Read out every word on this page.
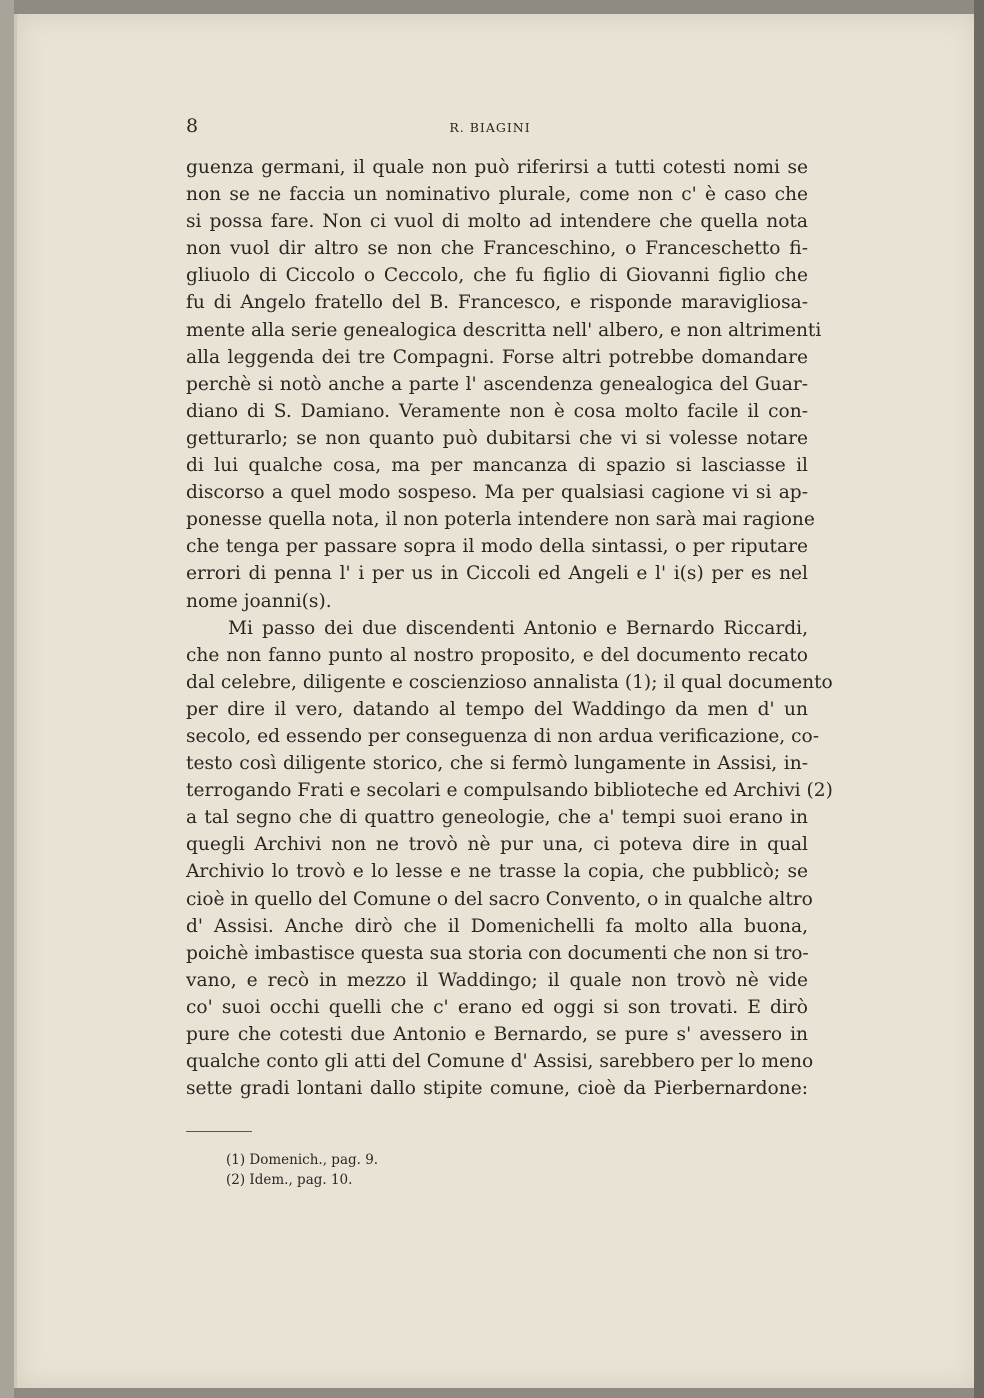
8	R. BIAGINI
guenza germani, il quale non può riferirsi a tutti cotesti nomi se
non se ne faccia un nominativo plurale, come non c' è caso che
si possa fare. Non ci vuol di molto ad intendere che quella nota
non vuol dir altro se non che Franceschino, o Franceschetto fi-
gliuolo di Ciccolo o Ceccolo, che fu figlio di Giovanni figlio che
fu di Angelo fratello del B. Francesco, e risponde maravigliosa-
mente alla serie genealogica descritta nell' albero, e non altrimenti
alla leggenda dei tre Compagni. Forse altri potrebbe domandare
perchè si notò anche a parte l' ascendenza genealogica del Guar-
diano di S. Damiano. Veramente non è cosa molto facile il con-
getturarlo; se non quanto può dubitarsi che vi si volesse notare
di lui qualche cosa, ma per mancanza di spazio si lasciasse il
discorso a quel modo sospeso. Ma per qualsiasi cagione vi si ap-
ponesse quella nota, il non poterla intendere non sarà mai ragione
che tenga per passare sopra il modo della sintassi, o per riputare
errori di penna l' i per us in Ciccoli ed Angeli e l' i(s) per es nel
nome joanni(s).
Mi passo dei due discendenti Antonio e Bernardo Riccardi,
che non fanno punto al nostro proposito, e del documento recato
dal celebre, diligente e coscienzioso annalista (1); il qual documento
per dire il vero, datando al tempo del Waddingo da men d' un
secolo, ed essendo per conseguenza di non ardua verificazione, co-
testo così diligente storico, che si fermò lungamente in Assisi, in-
terrogando Frati e secolari e compulsando biblioteche ed Archivi (2)
a tal segno che di quattro geneologie, che a' tempi suoi erano in
quegli Archivi non ne trovò nè pur una, ci poteva dire in qual
Archivio lo trovò e lo lesse e ne trasse la copia, che pubblicò; se
cioè in quello del Comune o del sacro Convento, o in qualche altro
d' Assisi. Anche dirò che il Domenichelli fa molto alla buona,
poichè imbastisce questa sua storia con documenti che non si tro-
vano, e recò in mezzo il Waddingo; il quale non trovò nè vide
co' suoi occhi quelli che c' erano ed oggi si son trovati. E dirò
pure che cotesti due Antonio e Bernardo, se pure s' avessero in
qualche conto gli atti del Comune d' Assisi, sarebbero per lo meno
sette gradi lontani dallo stipite comune, cioè da Pierbernardone:
(1) Domenich., pag. 9.
(2) Idem., pag. 10.
